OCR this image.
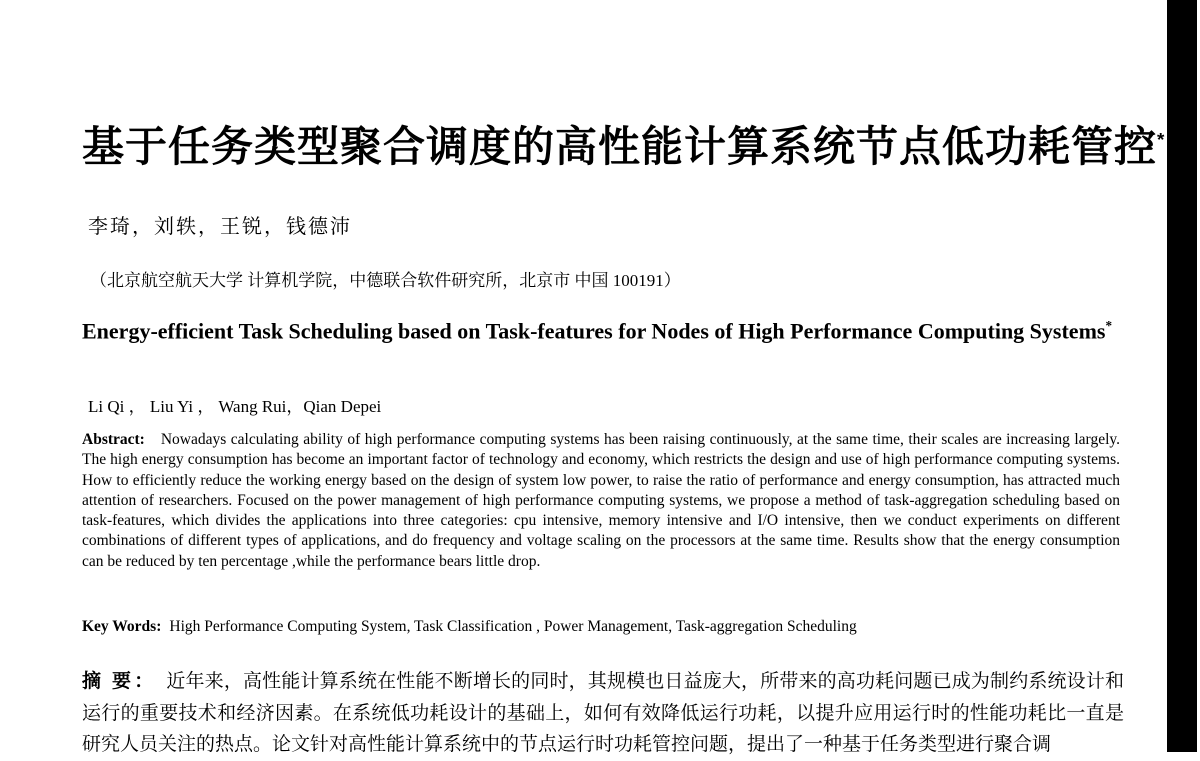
基于任务类型聚合调度的高性能计算系统节点低功耗管控*
李琦，刘轶，王锐，钱德沛
（北京航空航天大学 计算机学院，中德联合软件研究所，北京市 中国 100191）
Energy-efficient Task Scheduling based on Task-features for Nodes of High Performance Computing Systems*
Li Qi ， Liu Yi ， Wang Rui，Qian Depei

Abstract: Nowadays calculating ability of high performance computing systems has been raising continuously, at the same time, their scales are increasing largely. The high energy consumption has become an important factor of technology and economy, which restricts the design and use of high performance computing systems. How to efficiently reduce the working energy based on the design of system low power, to raise the ratio of performance and energy consumption, has attracted much attention of researchers. Focused on the power management of high performance computing systems, we propose a method of task-aggregation scheduling based on task-features, which divides the applications into three categories: cpu intensive, memory intensive and I/O intensive, then we conduct experiments on different combinations of different types of applications, and do frequency and voltage scaling on the processors at the same time. Results show that the energy consumption can be reduced by ten percentage ,while the performance bears little drop.

Key Words: High Performance Computing System, Task Classification , Power Management, Task-aggregation Scheduling

摘 要： 近年来，高性能计算系统在性能不断增长的同时，其规模也日益庞大，所带来的高功耗问题已成为制约系统设计和运行的重要技术和经济因素。在系统低功耗设计的基础上，如何有效降低运行功耗，以提升应用运行时的性能功耗比一直是研究人员关注的热点。论文针对高性能计算系统中的节点运行时功耗管控问题，提出了一种基于任务类型进行聚合调
